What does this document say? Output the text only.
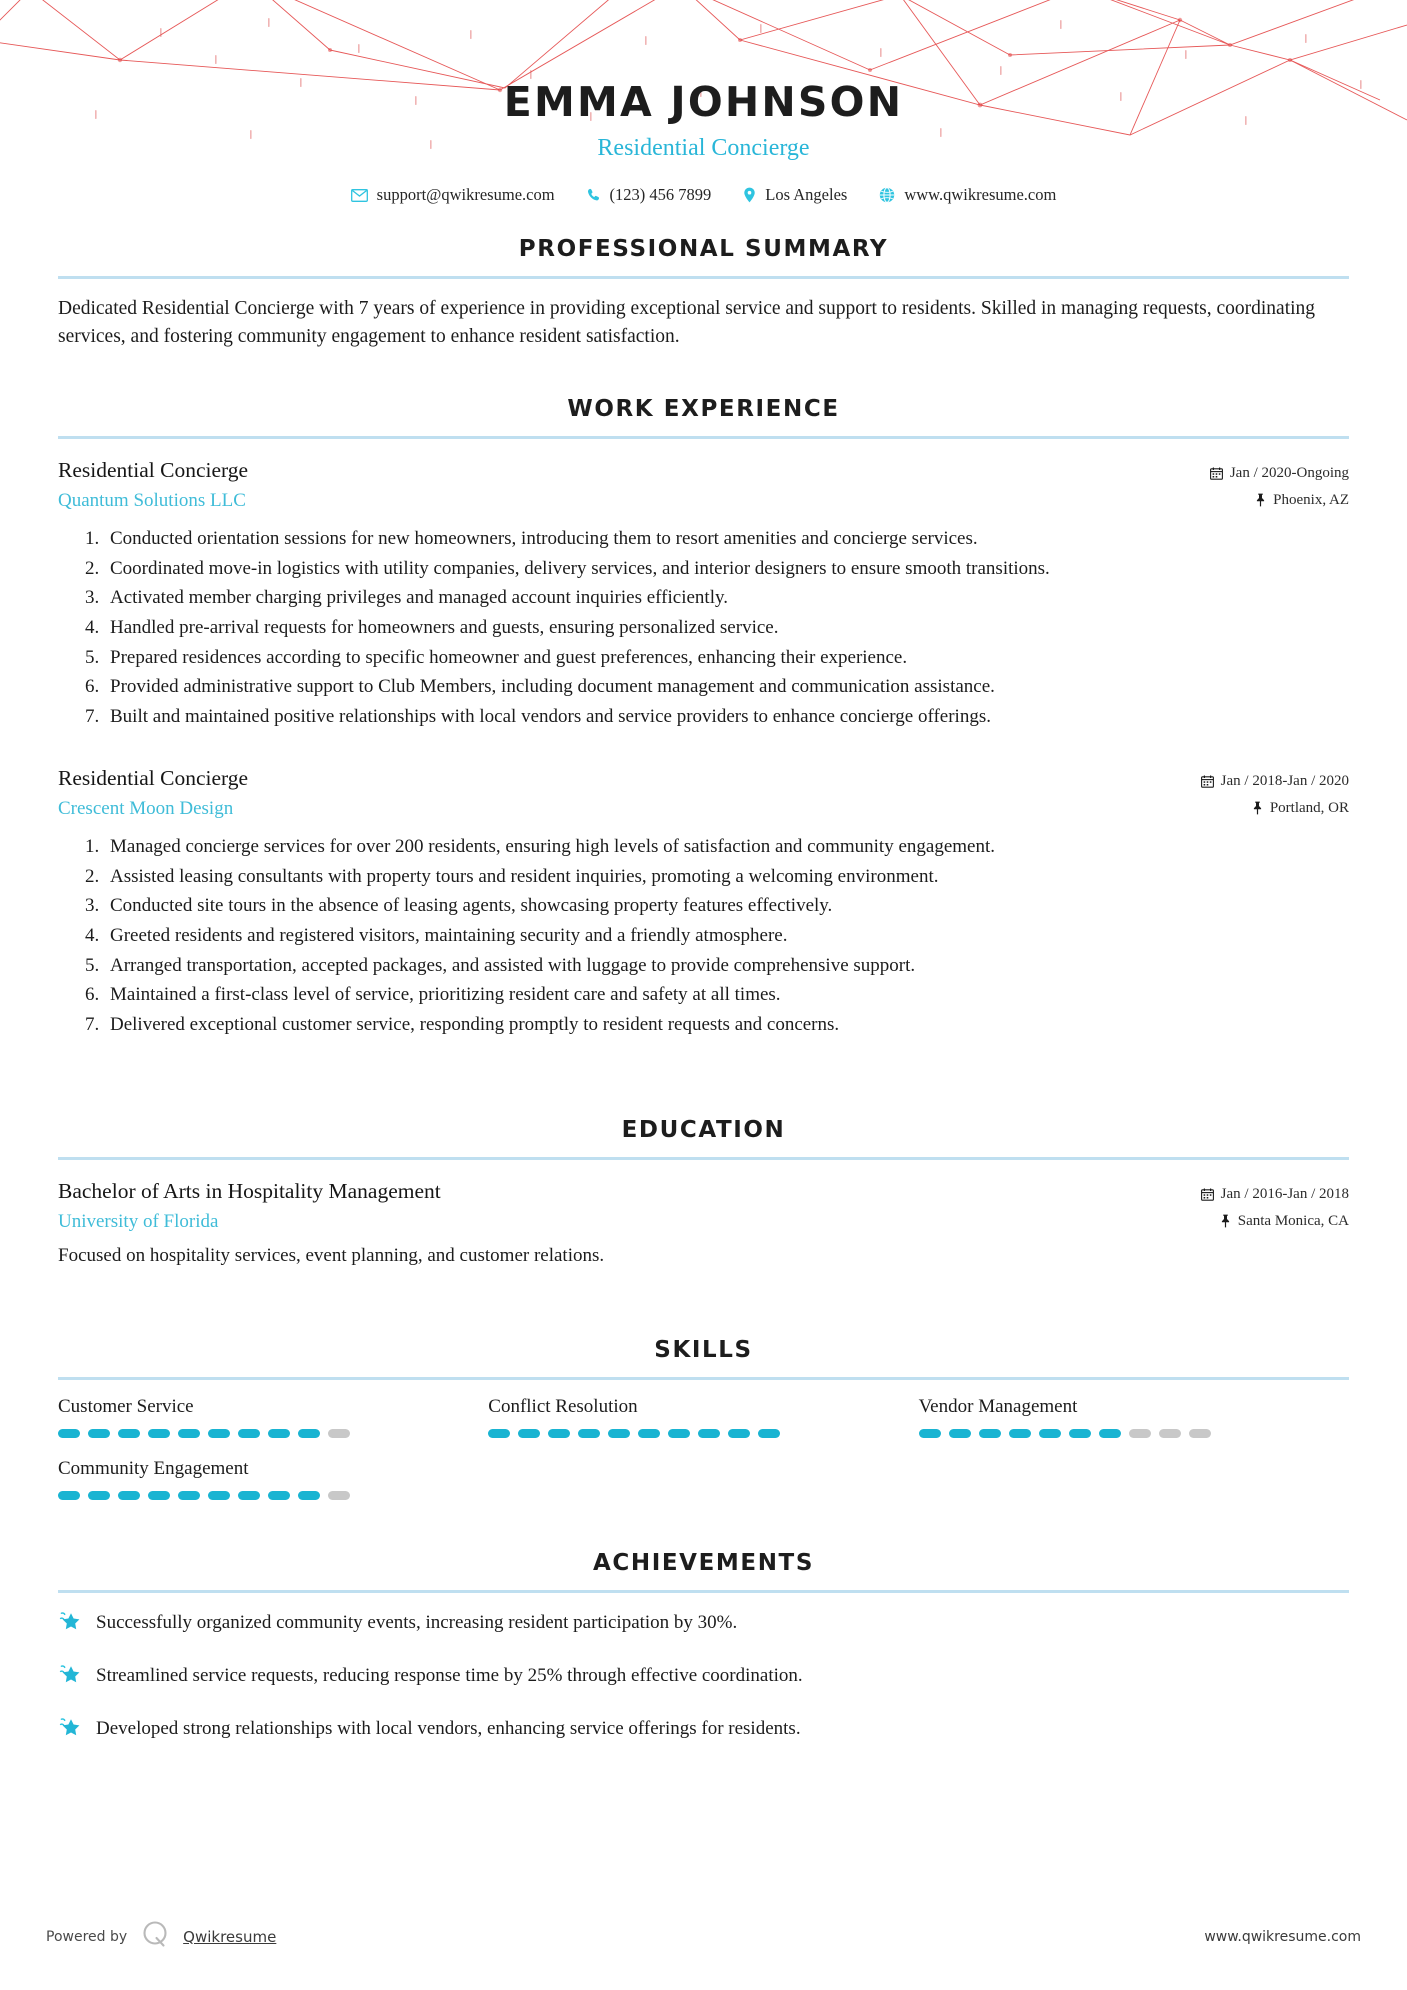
EMMA JOHNSON
Residential Concierge
support@qwikresume.com	(123) 456 7899	Los Angeles	www.qwikresume.com
PROFESSIONAL SUMMARY

Dedicated Residential Concierge with 7 years of experience in providing exceptional service and support to residents. Skilled in managing requests, coordinating services, and fostering community engagement to enhance resident satisfaction.

WORK EXPERIENCE
Residential Concierge
Quantum Solutions LLC
Jan / 2020-Ongoing
Phoenix, AZ
1. Conducted orientation sessions for new homeowners, introducing them to resort amenities and concierge services.
2. Coordinated move-in logistics with utility companies, delivery services, and interior designers to ensure smooth transitions.
3. Activated member charging privileges and managed account inquiries efficiently.
4. Handled pre-arrival requests for homeowners and guests, ensuring personalized service.
5. Prepared residences according to specific homeowner and guest preferences, enhancing their experience.
6. Provided administrative support to Club Members, including document management and communication assistance.
7. Built and maintained positive relationships with local vendors and service providers to enhance concierge offerings.
Residential Concierge
Crescent Moon Design
Jan / 2018-Jan / 2020
Portland, OR
1. Managed concierge services for over 200 residents, ensuring high levels of satisfaction and community engagement.
2. Assisted leasing consultants with property tours and resident inquiries, promoting a welcoming environment.
3. Conducted site tours in the absence of leasing agents, showcasing property features effectively.
4. Greeted residents and registered visitors, maintaining security and a friendly atmosphere.
5. Arranged transportation, accepted packages, and assisted with luggage to provide comprehensive support.
6. Maintained a first-class level of service, prioritizing resident care and safety at all times.
7. Delivered exceptional customer service, responding promptly to resident requests and concerns.
EDUCATION
Bachelor of Arts in Hospitality Management
University of Florida
Jan / 2016-Jan / 2018
Santa Monica, CA
Focused on hospitality services, event planning, and customer relations.
SKILLS
Customer Service	Conflict Resolution	Vendor Management
Community Engagement
ACHIEVEMENTS
Successfully organized community events, increasing resident participation by 30%.
Streamlined service requests, reducing response time by 25% through effective coordination.
Developed strong relationships with local vendors, enhancing service offerings for residents.
Powered by	Qwikresume	www.qwikresume.com
